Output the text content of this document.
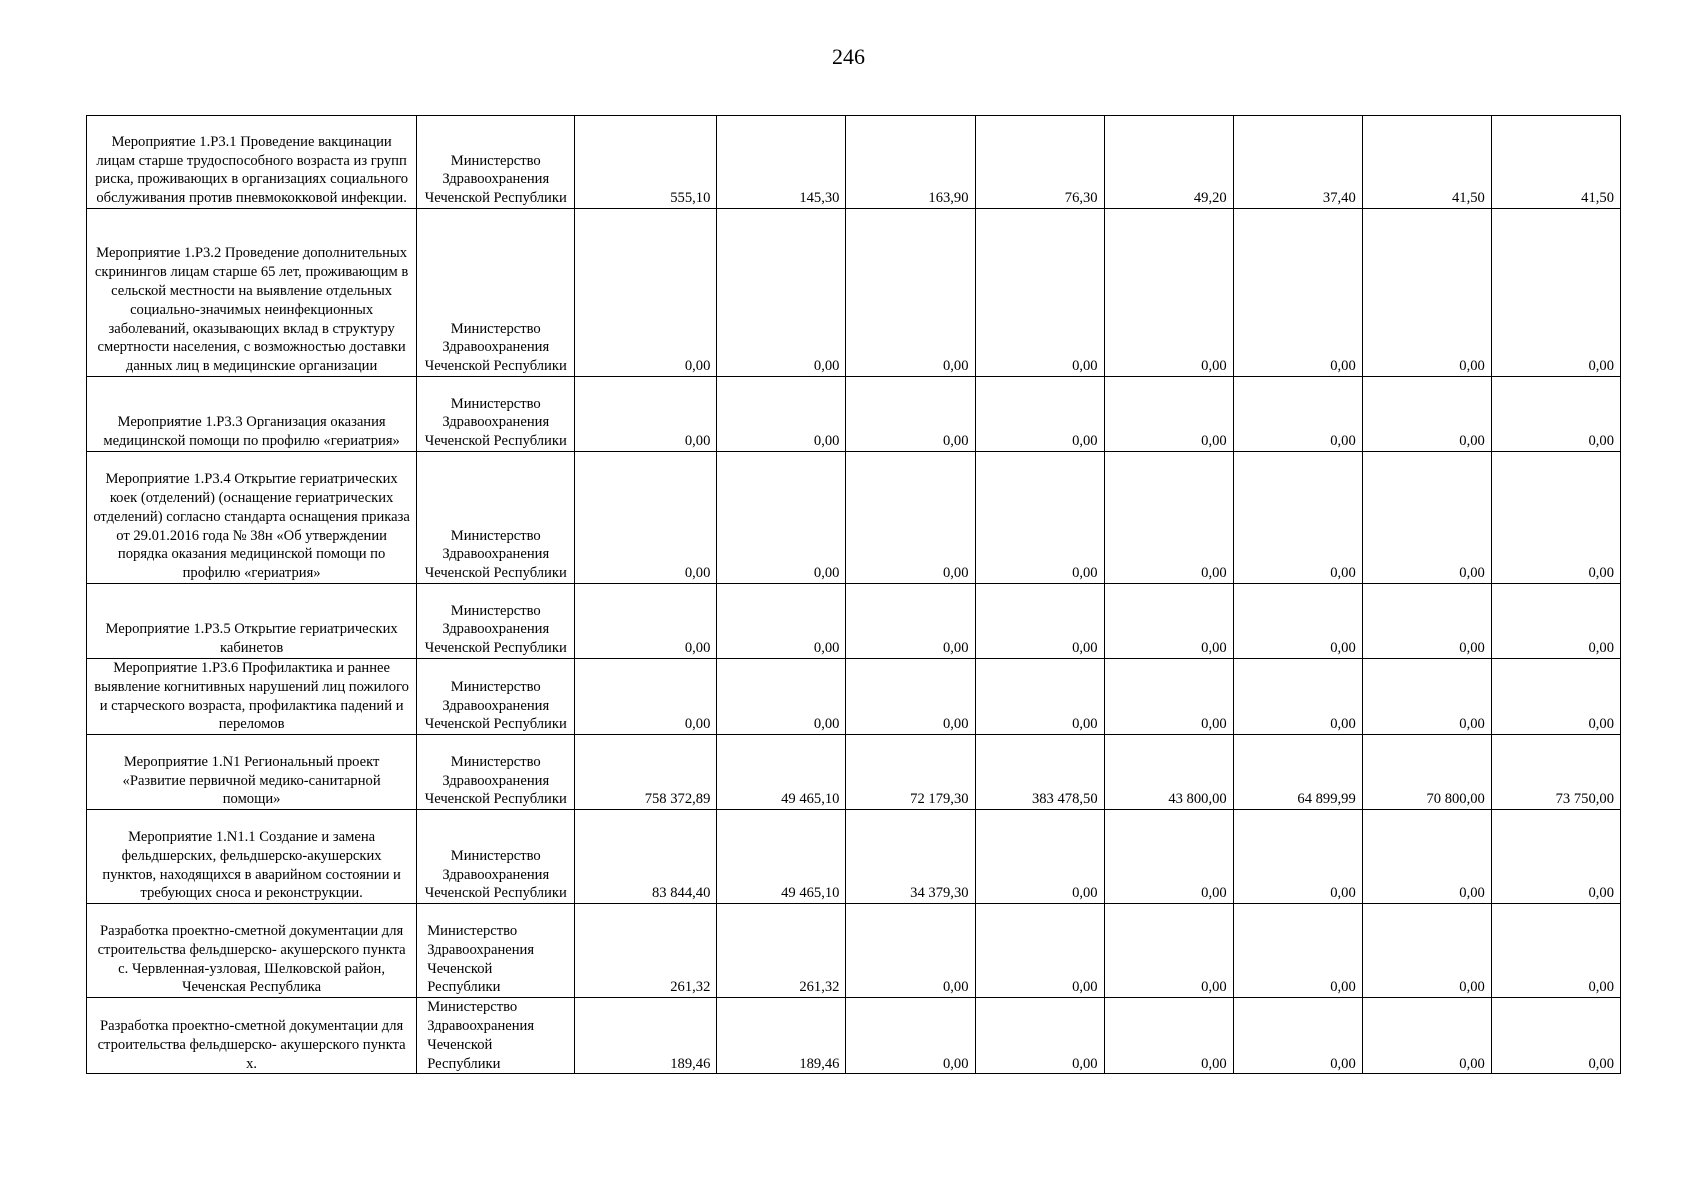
246
Мероприятие 1.Р3.1 Проведение вакцинации лицам старше трудоспособного возраста из групп риска, проживающих в организациях социального обслуживания против пневмококковой инфекции.	Министерство Здравоохранения Чеченской Республики	555,10	145,30	163,90	76,30	49,20	37,40	41,50	41,50
Мероприятие 1.Р3.2 Проведение дополнительных скринингов лицам старше 65 лет, проживающим в сельской местности на выявление отдельных социально-значимых неинфекционных заболеваний, оказывающих вклад в структуру смертности населения, с возможностью доставки данных лиц в медицинские организации	Министерство Здравоохранения Чеченской Республики	0,00	0,00	0,00	0,00	0,00	0,00	0,00	0,00
Мероприятие 1.Р3.3 Организация оказания медицинской помощи по профилю «гериатрия»	Министерство Здравоохранения Чеченской Республики	0,00	0,00	0,00	0,00	0,00	0,00	0,00	0,00
Мероприятие 1.Р3.4 Открытие гериатрических коек (отделений) (оснащение гериатрических отделений) согласно стандарта оснащения приказа от 29.01.2016 года № 38н «Об утверждении порядка оказания медицинской помощи по профилю «гериатрия»	Министерство Здравоохранения Чеченской Республики	0,00	0,00	0,00	0,00	0,00	0,00	0,00	0,00
Мероприятие 1.Р3.5 Открытие гериатрических кабинетов	Министерство Здравоохранения Чеченской Республики	0,00	0,00	0,00	0,00	0,00	0,00	0,00	0,00
Мероприятие 1.Р3.6 Профилактика и раннее выявление когнитивных нарушений лиц пожилого и старческого возраста, профилактика падений и переломов	Министерство Здравоохранения Чеченской Республики	0,00	0,00	0,00	0,00	0,00	0,00	0,00	0,00
Мероприятие 1.N1 Региональный проект «Развитие первичной медико-санитарной помощи»	Министерство Здравоохранения Чеченской Республики	758 372,89	49 465,10	72 179,30	383 478,50	43 800,00	64 899,99	70 800,00	73 750,00
Мероприятие 1.N1.1 Создание и замена фельдшерских, фельдшерско-акушерских пунктов, находящихся в аварийном состоянии и требующих сноса и реконструкции.	Министерство Здравоохранения Чеченской Республики	83 844,40	49 465,10	34 379,30	0,00	0,00	0,00	0,00	0,00
Разработка проектно-сметной документации для строительства фельдшерско- акушерского пункта с. Червленная-узловая, Шелковской район, Чеченская Республика	Министерство Здравоохранения Чеченской Республики	261,32	261,32	0,00	0,00	0,00	0,00	0,00	0,00
Разработка проектно-сметной документации для строительства фельдшерско- акушерского пункта х.	Министерство Здравоохранения Чеченской Республики	189,46	189,46	0,00	0,00	0,00	0,00	0,00	0,00
